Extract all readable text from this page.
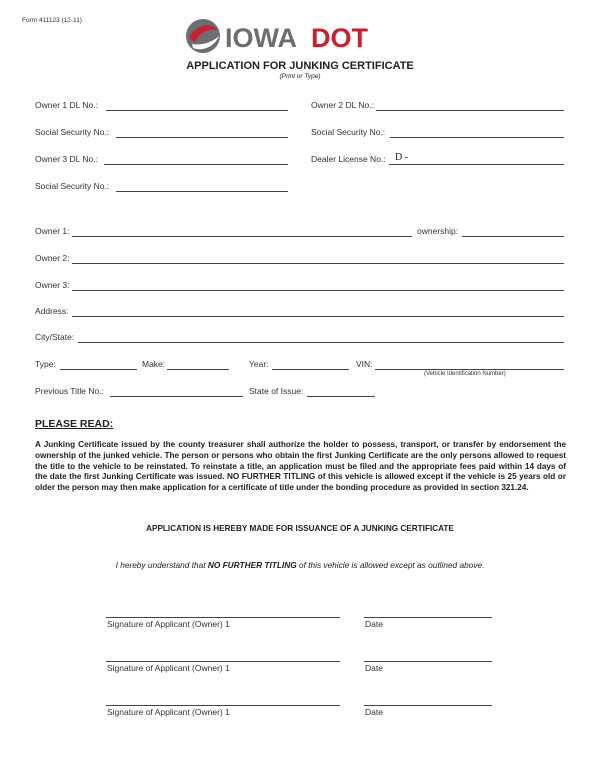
Form 411123 (12-11)
IOWA DOT
APPLICATION FOR JUNKING CERTIFICATE
(Print or Type)
Owner 1 DL No.:	Owner 2 DL No.:
Social Security No.:	Social Security No.:
Owner 3 DL No.:	Dealer License No.: D -
Social Security No.:
Owner 1:	ownership:
Owner 2:
Owner 3:
Address:
City/State:
Type:	Make:	Year:	VIN:
(Vehicle Identification Number)
Previous Title No.:	State of Issue:
PLEASE READ:
A Junking Certificate issued by the county treasurer shall authorize the holder to possess, transport, or transfer by endorsement the ownership of the junked vehicle. The person or persons who obtain the first Junking Certificate are the only persons allowed to request the title to the vehicle to be reinstated. To reinstate a title, an application must be filed and the appropriate fees paid within 14 days of the date the first Junking Certificate was issued. NO FURTHER TITLING of this vehicle is allowed except if the vehicle is 25 years old or older the person may then make application for a certificate of title under the bonding procedure as provided in section 321.24.
APPLICATION IS HEREBY MADE FOR ISSUANCE OF A JUNKING CERTIFICATE
I hereby understand that NO FURTHER TITLING of this vehicle is allowed except as outlined above.
Signature of Applicant (Owner) 1	Date
Signature of Applicant (Owner) 1	Date
Signature of Applicant (Owner) 1	Date
